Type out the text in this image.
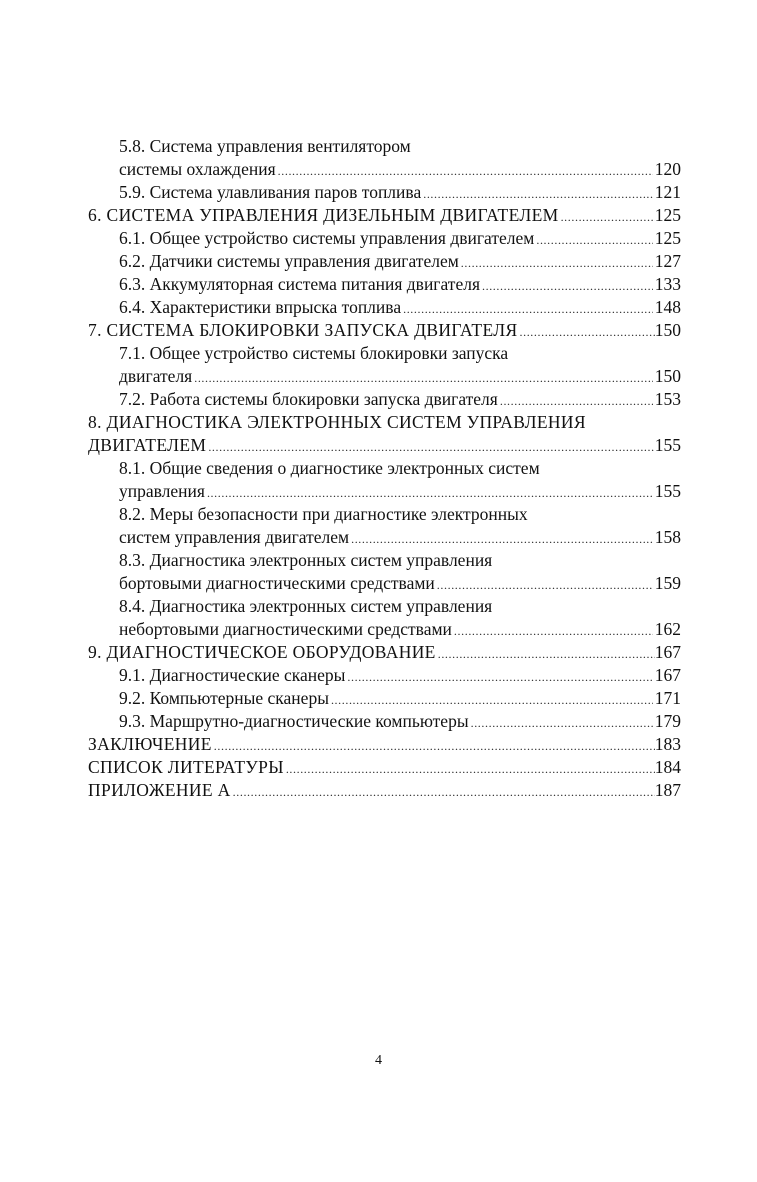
5.8. Система управления вентилятором
системы охлаждения .....	120
5.9. Система улавливания паров топлива .....	121
6. СИСТЕМА УПРАВЛЕНИЯ ДИЗЕЛЬНЫМ ДВИГАТЕЛЕМ .....	125
6.1. Общее устройство системы управления двигателем .....	125
6.2. Датчики системы управления двигателем .....	127
6.3. Аккумуляторная система питания двигателя .....	133
6.4. Характеристики впрыска топлива .....	148
7. СИСТЕМА БЛОКИРОВКИ ЗАПУСКА ДВИГАТЕЛЯ .....	150
7.1. Общее устройство системы блокировки запуска
двигателя .....	150
7.2. Работа системы блокировки запуска двигателя .....	153
8. ДИАГНОСТИКА ЭЛЕКТРОННЫХ СИСТЕМ УПРАВЛЕНИЯ
ДВИГАТЕЛЕМ .....	155
8.1. Общие сведения о диагностике электронных систем
управления .....	155
8.2. Меры безопасности при диагностике электронных
систем управления двигателем .....	158
8.3. Диагностика электронных систем управления
бортовыми диагностическими средствами .....	159
8.4. Диагностика электронных систем управления
небортовыми диагностическими средствами .....	162
9. ДИАГНОСТИЧЕСКОЕ ОБОРУДОВАНИЕ .....	167
9.1. Диагностические сканеры .....	167
9.2. Компьютерные сканеры .....	171
9.3. Маршрутно-диагностические компьютеры .....	179
ЗАКЛЮЧЕНИЕ .....	183
СПИСОК ЛИТЕРАТУРЫ .....	184
ПРИЛОЖЕНИЕ А .....	187
4
